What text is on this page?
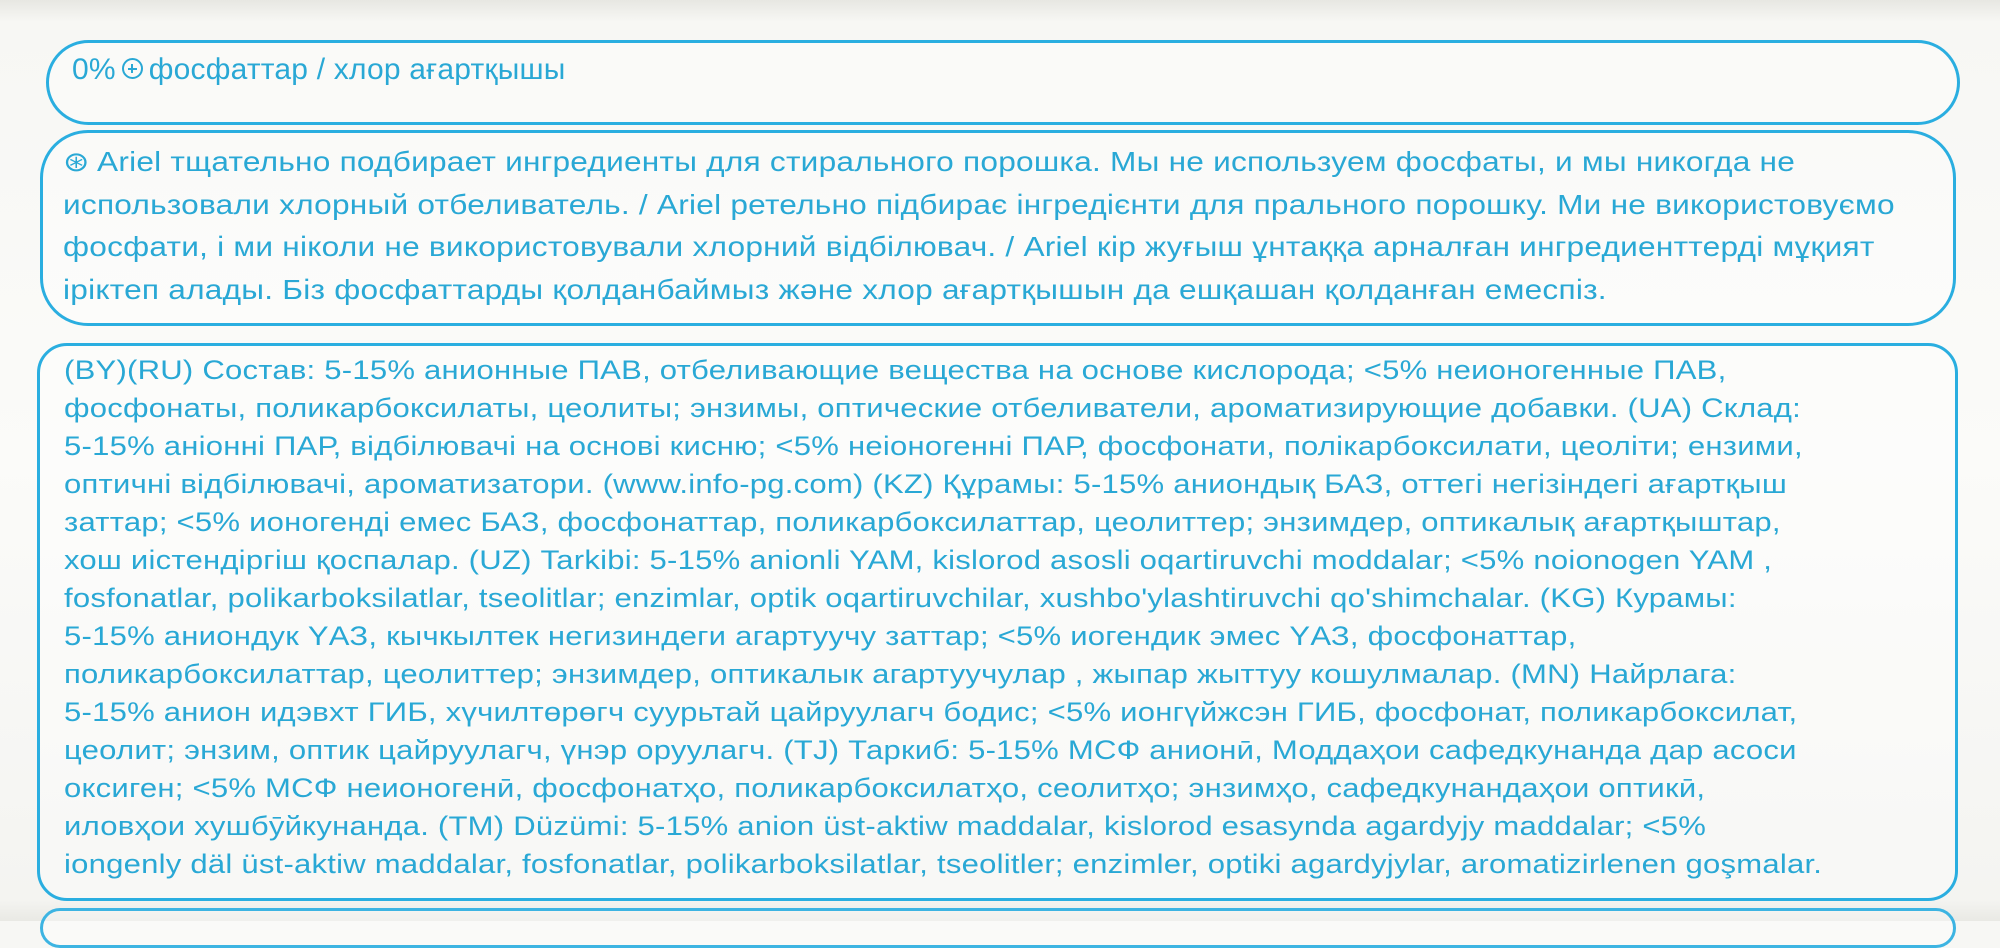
0% фосфаттар / хлор ағартқышы

⊛ Ariel тщательно подбирает ингредиенты для стирального порошка. Мы не используем фосфаты, и мы никогда не

использовали хлорный отбеливатель. / Ariel ретельно підбирає інгредієнти для прального порошку. Ми не використовуємо

фосфати, і ми ніколи не використовували хлорний відбілювач. / Ariel кір жуғыш ұнтаққа арналған ингредиенттерді мұқият

іріктеп алады. Біз фосфаттарды қолданбаймыз және хлор ағартқышын да ешқашан қолданған емеспіз.

(BY)(RU) Состав: 5-15% анионные ПАВ, отбеливающие вещества на основе кислорода; <5% неионогенные ПАВ,

фосфонаты, поликарбоксилаты, цеолиты; энзимы, оптические отбеливатели, ароматизирующие добавки. (UA) Склад:

5-15% аніонні ПАР, відбілювачі на основі кисню; <5% неіоногенні ПАР, фосфонати, полікарбоксилати, цеоліти; ензими,

оптичні відбілювачі, ароматизатори. (www.info-pg.com) (KZ) Құрамы: 5-15% аниондық БАЗ, оттегі негізіндегі ағартқыш

заттар; <5% ионогенді емес БАЗ, фосфонаттар, поликарбоксилаттар, цеолиттер; энзимдер, оптикалық ағартқыштар,

хош иістендіргіш қоспалар. (UZ) Tarkibi: 5-15% anionli YAM, kislorod asosli oqartiruvchi moddalar; <5% noionogen YAM ,

fosfonatlar, polikarboksilatlar, tseolitlar; enzimlar, optik oqartiruvchilar, xushbo'ylashtiruvchi qo'shimchalar. (KG) Курамы:

5-15% аниондук YАЗ, кычкылтек негизиндеги агартуучу заттар; <5% иогендик эмес YАЗ, фосфонаттар,

поликарбоксилаттар, цеолиттер; энзимдер, оптикалык агартуучулар , жыпар жыттуу кошулмалар. (MN) Найрлага:

5-15% анион идэвхт ГИБ, хүчилтөрөгч суурьтай цайруулагч бодис; <5% ионгүйжсэн ГИБ, фосфонат, поликарбоксилат,

цеолит; энзим, оптик цайруулагч, үнэр оруулагч. (TJ) Таркиб: 5-15% МСФ анионӣ, Моддаҳои сафедкунанда дар асоси

оксиген; <5% МСФ неионогенӣ, фосфонатҳо, поликарбоксилатҳо, сеолитҳо; энзимҳо, сафедкунандаҳои оптикӣ,

иловҳои хушбӯйкунанда. (TM) Düzümi: 5-15% anion üst-aktiw maddalar, kislorod esasynda agardyjy maddalar; <5%

iongenly däl üst-aktiw maddalar, fosfonatlar, polikarboksilatlar, tseolitler; enzimler, optiki agardyjylar, aromatizirlenen goşmalar.
